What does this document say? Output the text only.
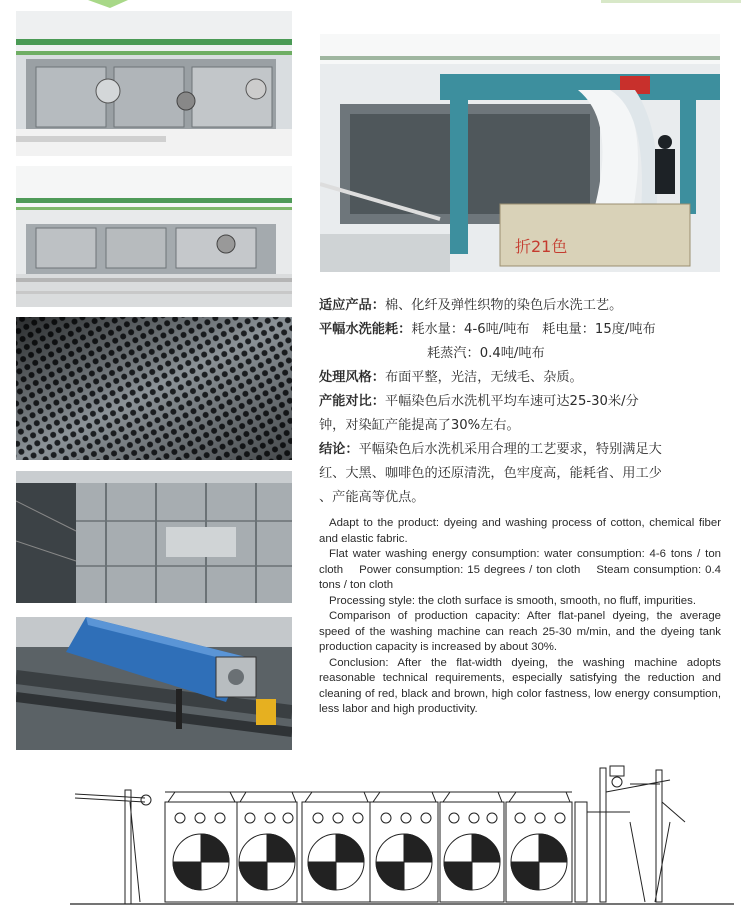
折21色
适应产品：棉、化纤及弹性织物的染色后水洗工艺。
平幅水洗能耗：耗水量：4-6吨/吨布   耗电量：15度/吨布
耗蒸汽：0.4吨/吨布
处理风格：布面平整，光洁，无绒毛、杂质。
产能对比：平幅染色后水洗机平均车速可达25-30米/分
钟，对染缸产能提高了30%左右。
结论：平幅染色后水洗机采用合理的工艺要求，特别满足大
红、大黑、咖啡色的还原清洗，色牢度高，能耗省、用工少
、产能高等优点。

Adapt to the product: dyeing and washing process of cotton, chemical fiber and elastic fabric.

Flat water washing energy consumption: water consumption: 4-6 tons / ton cloth    Power consumption: 15 degrees / ton cloth    Steam consumption: 0.4 tons / ton cloth

Processing style: the cloth surface is smooth, smooth, no fluff, impurities.

Comparison of production capacity: After flat-panel dyeing, the average speed of the washing machine can reach 25-30 m/min, and the dyeing tank production capacity is increased by about 30%.

Conclusion: After the flat-width dyeing, the washing machine adopts reasonable technical requirements, especially satisfying the reduction and cleaning of red, black and brown, high color fastness, low energy consumption, less labor and high productivity.
